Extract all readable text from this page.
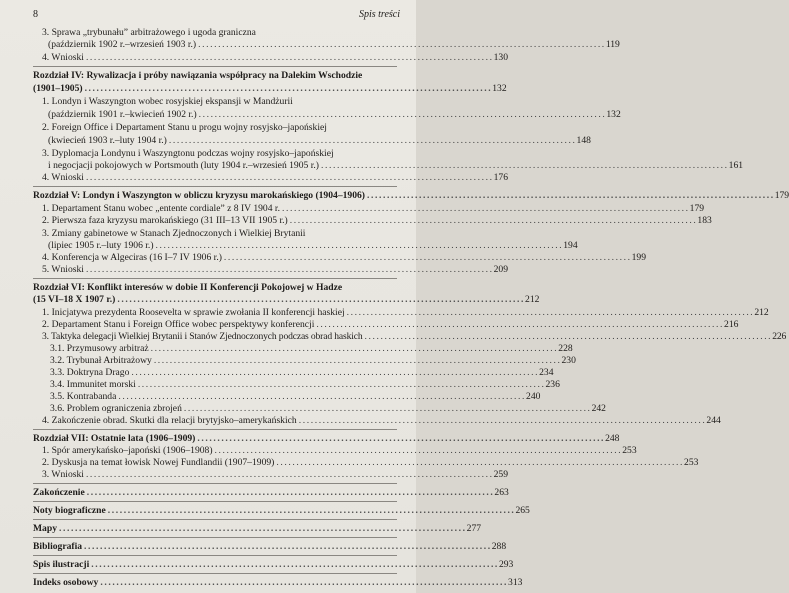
8	Spis treści
3. Sprawa „trybunału” arbitrażowego i ugoda graniczna
(październik 1902 r.–wrzesień 1903 r.) . . .	119
4. Wnioski . . .	130
Rozdział IV: Rywalizacja i próby nawiązania współpracy na Dalekim Wschodzie
(1901–1905) . . .	132
1. Londyn i Waszyngton wobec rosyjskiej ekspansji w Mandżurii
(październik 1901 r.–kwiecień 1902 r.) . . .	132
2. Foreign Office i Departament Stanu u progu wojny rosyjsko–japońskiej
(kwiecień 1903 r.–luty 1904 r.) . . .	148
3. Dyplomacja Londynu i Waszyngtonu podczas wojny rosyjsko–japońskiej
i negocjacji pokojowych w Portsmouth (luty 1904 r.–wrzesień 1905 r.) . . .	161
4. Wnioski . . .	176
Rozdział V: Londyn i Waszyngton w obliczu kryzysu marokańskiego (1904–1906) . . .	179
1. Departament Stanu wobec „entente cordiale” z 8 IV 1904 r. . . .	179
2. Pierwsza faza kryzysu marokańskiego (31 III–13 VII 1905 r.) . . .	183
3. Zmiany gabinetowe w Stanach Zjednoczonych i Wielkiej Brytanii
(lipiec 1905 r.–luty 1906 r.) . . .	194
4. Konferencja w Algeciras (16 I–7 IV 1906 r.) . . .	199
5. Wnioski . . .	209
Rozdział VI: Konflikt interesów w dobie II Konferencji Pokojowej w Hadze
(15 VI–18 X 1907 r.) . . .	212
1. Inicjatywa prezydenta Roosevelta w sprawie zwołania II konferencji haskiej . . .	212
2. Departament Stanu i Foreign Office wobec perspektywy konferencji . . .	216
3. Taktyka delegacji Wielkiej Brytanii i Stanów Zjednoczonych podczas obrad haskich . . .	226
3.1. Przymusowy arbitraż . . .	228
3.2. Trybunał Arbitrażowy . . .	230
3.3. Doktryna Drago . . .	234
3.4. Immunitet morski . . .	236
3.5. Kontrabanda . . .	240
3.6. Problem ograniczenia zbrojeń . . .	242
4. Zakończenie obrad. Skutki dla relacji brytyjsko–amerykańskich . . .	244
Rozdział VII: Ostatnie lata (1906–1909) . . .	248
1. Spór amerykańsko–japoński (1906–1908) . . .	253
2. Dyskusja na temat łowisk Nowej Fundlandii (1907–1909) . . .	253
3. Wnioski . . .	259
Zakończenie . . .	263
Noty biograficzne . . .	265
Mapy . . .	277
Bibliografia . . .	288
Spis ilustracji . . .	293
Indeks osobowy . . .	313
